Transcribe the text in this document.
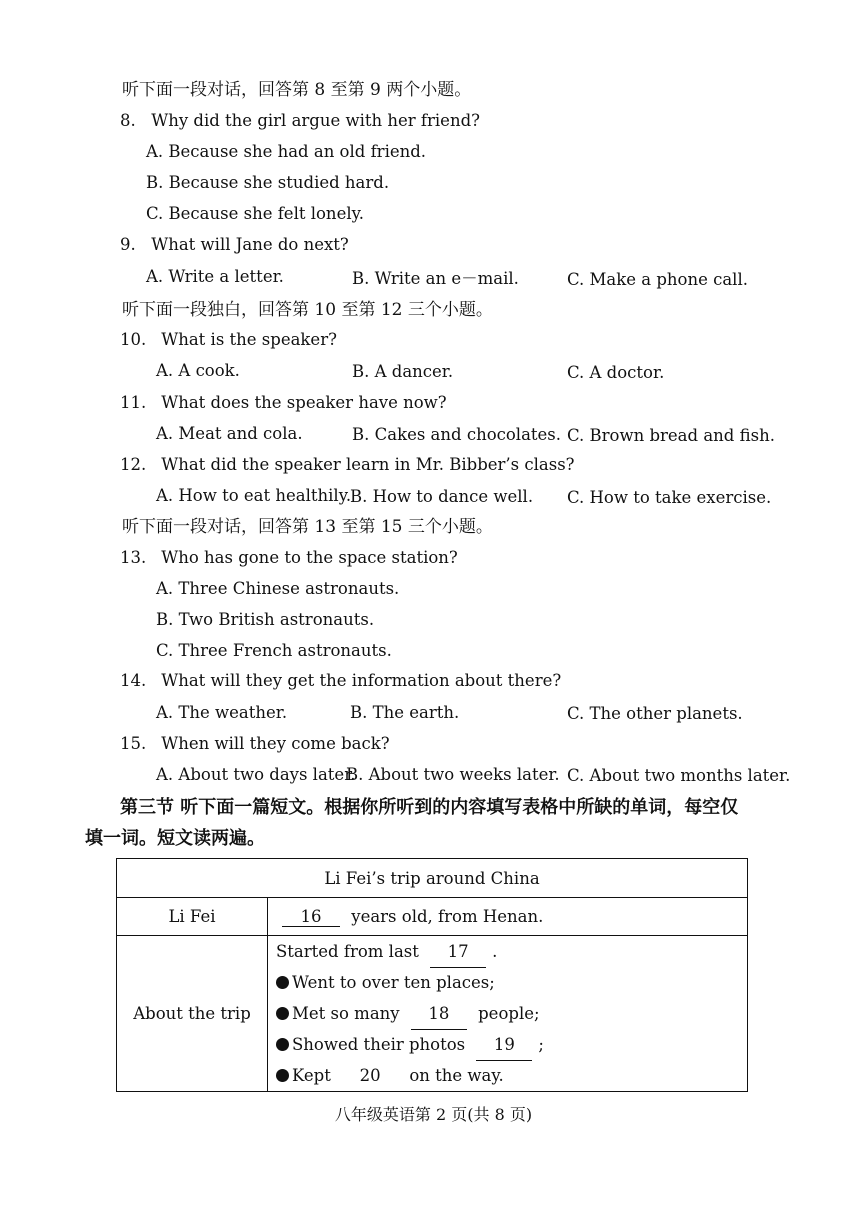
听下面一段对话，回答第 8 至第 9 两个小题。
8. Why did the girl argue with her friend?
A. Because she had an old friend.
B. Because she studied hard.
C. Because she felt lonely.
9. What will Jane do next?
A. Write a letter.	B. Write an e－mail.	C. Make a phone call.
听下面一段独白，回答第 10 至第 12 三个小题。
10. What is the speaker?
A. A cook.	B. A dancer.	C. A doctor.
11. What does the speaker have now?
A. Meat and cola.	B. Cakes and chocolates. C. Brown bread and fish.
12. What did the speaker learn in Mr. Bibber’s class?
A. How to eat healthily.
B. How to dance well. C. How to take exercise.
听下面一段对话，回答第 13 至第 15 三个小题。
13. Who has gone to the space station?
A. Three Chinese astronauts.
B. Two British astronauts.
C. Three French astronauts.
14. What will they get the information about there?
A. The weather.	B. The earth.	C. The other planets.
15. When will they come back?
A. About two days later.
B. About two weeks later. C. About two months later.
第三节 听下面一篇短文。根据你所听到的内容填写表格中所缺的单词，每空仅
填一词。短文读两遍。
Li Fei’s trip around China	
Li Fei	16 years old, from Henan.
About the trip	Started from last 17 .
Went to over ten places;
Met so many 18 people;
Showed their photos 19 ;
Kept 20 on the way.
八年级英语第 2 页(共 8 页)
